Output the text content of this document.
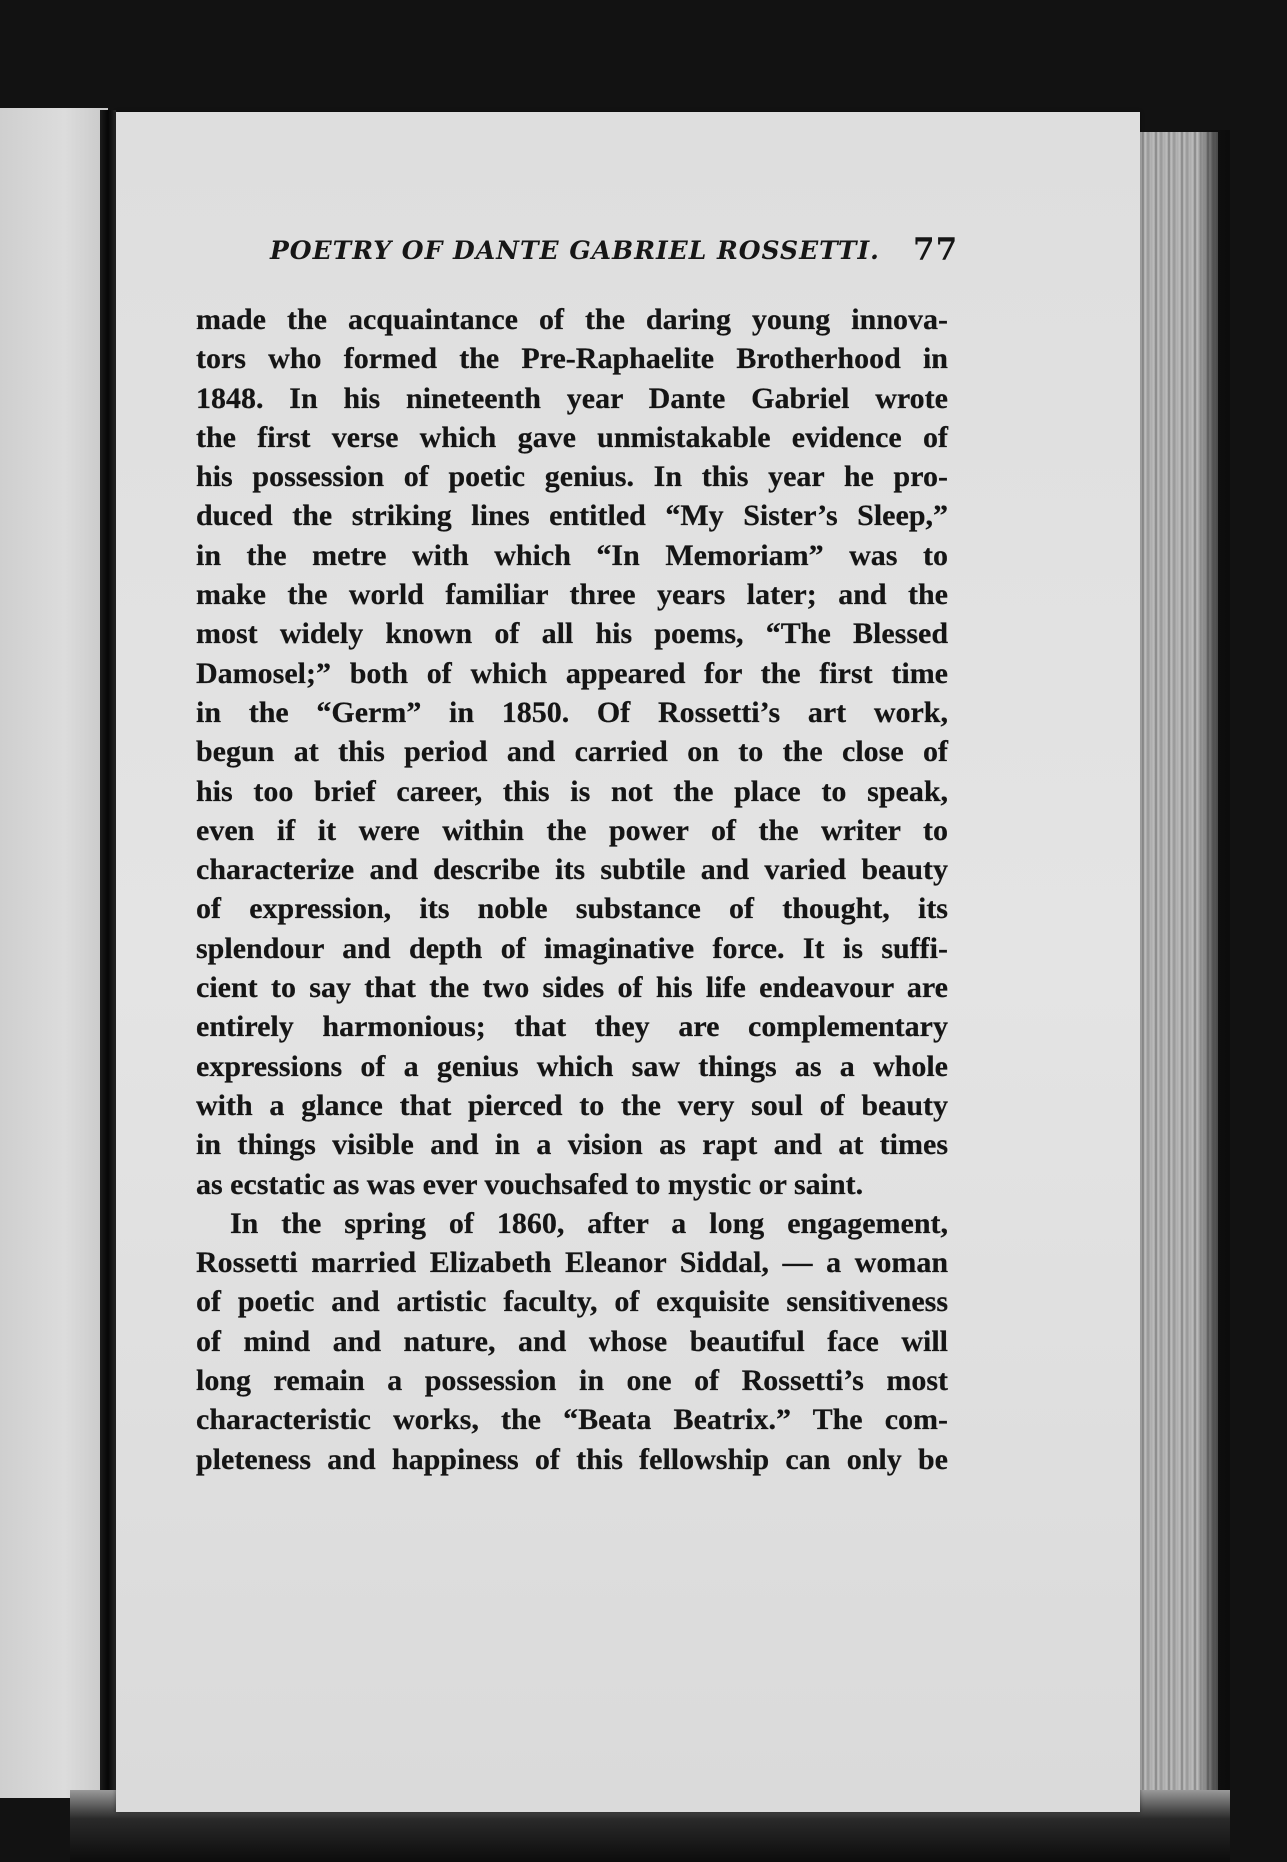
POETRY OF DANTE GABRIEL ROSSETTI. 77
made the acquaintance of the daring young innova-
tors who formed the Pre-Raphaelite Brotherhood in
1848. In his nineteenth year Dante Gabriel wrote
the first verse which gave unmistakable evidence of
his possession of poetic genius. In this year he pro-
duced the striking lines entitled “My Sister’s Sleep,”
in the metre with which “In Memoriam” was to
make the world familiar three years later; and the
most widely known of all his poems, “The Blessed
Damosel;” both of which appeared for the first time
in the “Germ” in 1850. Of Rossetti’s art work,
begun at this period and carried on to the close of
his too brief career, this is not the place to speak,
even if it were within the power of the writer to
characterize and describe its subtile and varied beauty
of expression, its noble substance of thought, its
splendour and depth of imaginative force. It is suffi-
cient to say that the two sides of his life endeavour are
entirely harmonious; that they are complementary
expressions of a genius which saw things as a whole
with a glance that pierced to the very soul of beauty
in things visible and in a vision as rapt and at times
as ecstatic as was ever vouchsafed to mystic or saint.
In the spring of 1860, after a long engagement,
Rossetti married Elizabeth Eleanor Siddal, — a woman
of poetic and artistic faculty, of exquisite sensitiveness
of mind and nature, and whose beautiful face will
long remain a possession in one of Rossetti’s most
characteristic works, the “Beata Beatrix.” The com-
pleteness and happiness of this fellowship can only be
